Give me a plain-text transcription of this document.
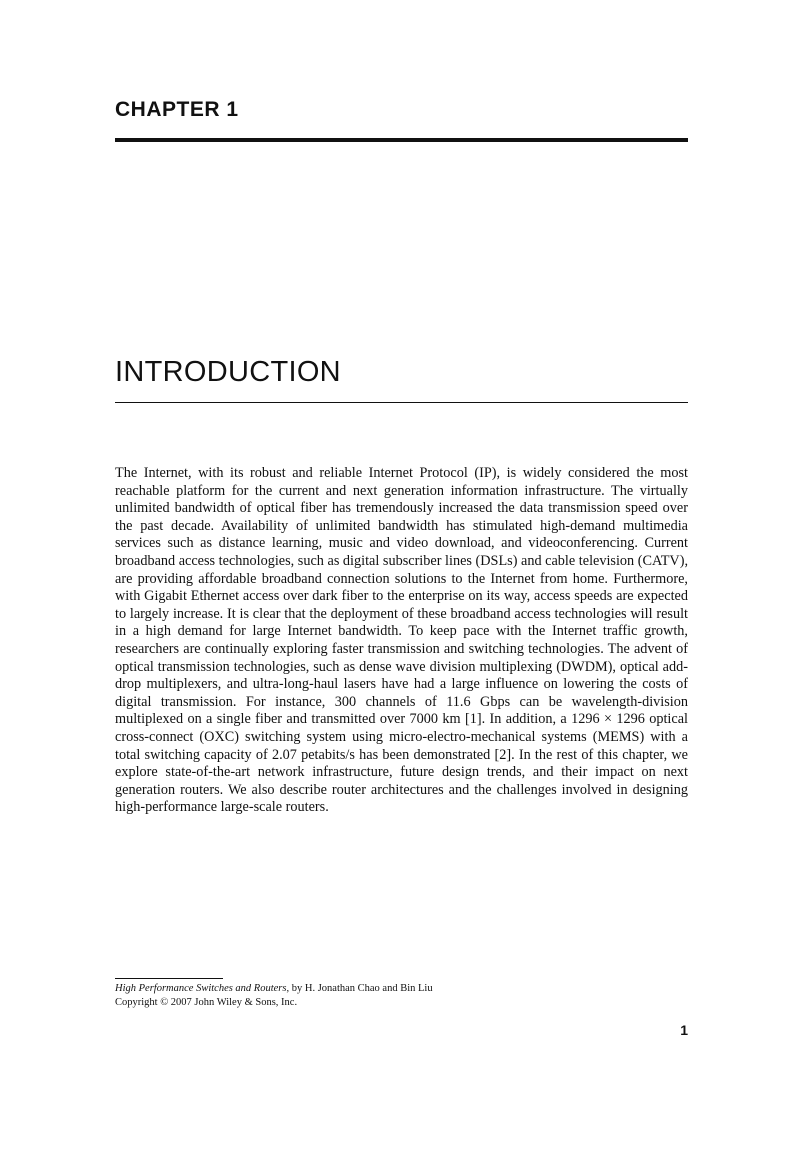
CHAPTER 1
INTRODUCTION

The Internet, with its robust and reliable Internet Protocol (IP), is widely considered the most reachable platform for the current and next generation information infrastructure. The virtually unlimited bandwidth of optical fiber has tremendously increased the data transmission speed over the past decade. Availability of unlimited bandwidth has stimulated high-demand multimedia services such as distance learning, music and video download, and videoconferencing. Current broadband access technologies, such as digital subscriber lines (DSLs) and cable television (CATV), are providing affordable broadband connection solutions to the Internet from home. Furthermore, with Gigabit Ethernet access over dark fiber to the enterprise on its way, access speeds are expected to largely increase. It is clear that the deployment of these broadband access technologies will result in a high demand for large Internet bandwidth. To keep pace with the Internet traffic growth, researchers are continually exploring faster transmission and switching technologies. The advent of optical transmission technologies, such as dense wave division multiplexing (DWDM), optical add-drop multiplexers, and ultra-long-haul lasers have had a large influence on lowering the costs of digital transmission. For instance, 300 channels of 11.6 Gbps can be wavelength-division multiplexed on a single fiber and transmitted over 7000 km [1]. In addition, a 1296 × 1296 optical cross-connect (OXC) switching system using micro-electro-mechanical systems (MEMS) with a total switching capacity of 2.07 petabits/s has been demonstrated [2]. In the rest of this chapter, we explore state-of-the-art network infrastructure, future design trends, and their impact on next generation routers. We also describe router architectures and the challenges involved in designing high-performance large-scale routers.

High Performance Switches and Routers, by H. Jonathan Chao and Bin Liu
Copyright © 2007 John Wiley & Sons, Inc.
1
